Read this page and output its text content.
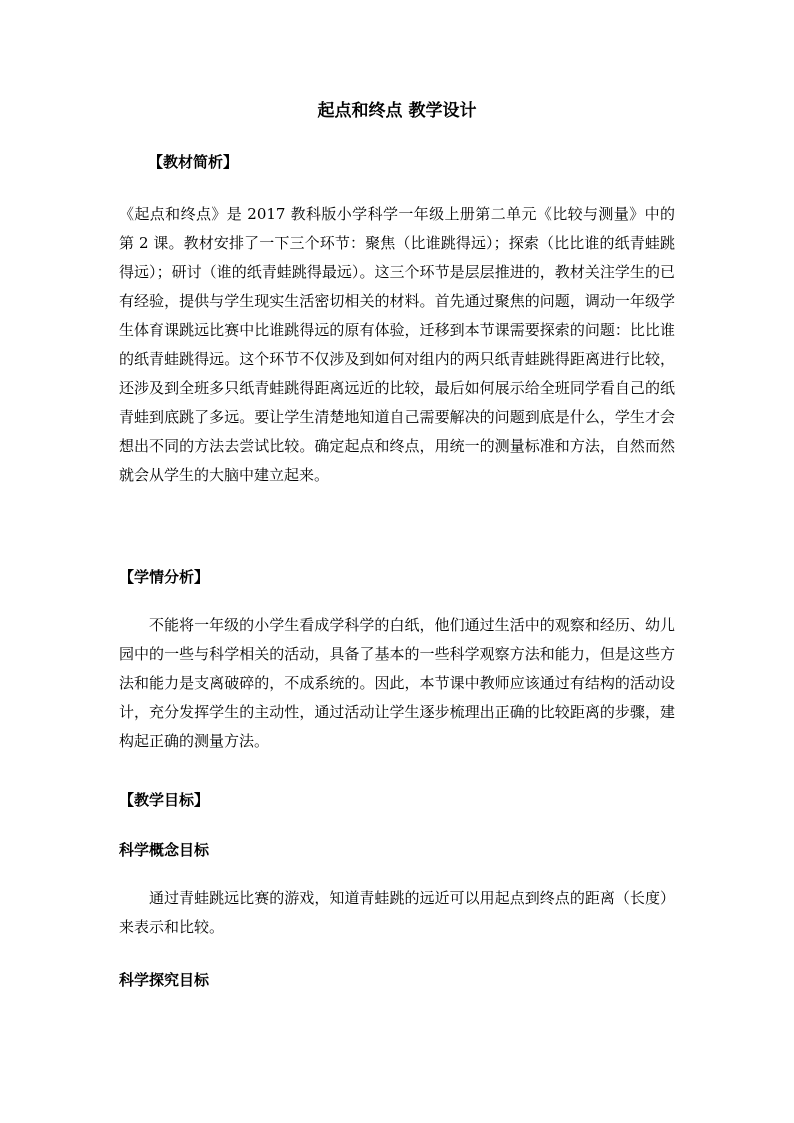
起点和终点 教学设计
【教材简析】
《起点和终点》是 2017 教科版小学科学一年级上册第二单元《比较与测量》中的第 2 课。教材安排了一下三个环节：聚焦（比谁跳得远）；探索（比比谁的纸青蛙跳得远）；研讨（谁的纸青蛙跳得最远）。这三个环节是层层推进的，教材关注学生的已有经验，提供与学生现实生活密切相关的材料。首先通过聚焦的问题，调动一年级学生体育课跳远比赛中比谁跳得远的原有体验，迁移到本节课需要探索的问题：比比谁的纸青蛙跳得远。这个环节不仅涉及到如何对组内的两只纸青蛙跳得距离进行比较，还涉及到全班多只纸青蛙跳得距离远近的比较，最后如何展示给全班同学看自己的纸青蛙到底跳了多远。要让学生清楚地知道自己需要解决的问题到底是什么，学生才会想出不同的方法去尝试比较。确定起点和终点，用统一的测量标准和方法，自然而然就会从学生的大脑中建立起来。
【学情分析】
不能将一年级的小学生看成学科学的白纸，他们通过生活中的观察和经历、幼儿园中的一些与科学相关的活动，具备了基本的一些科学观察方法和能力，但是这些方法和能力是支离破碎的，不成系统的。因此，本节课中教师应该通过有结构的活动设计，充分发挥学生的主动性，通过活动让学生逐步梳理出正确的比较距离的步骤，建构起正确的测量方法。
【教学目标】
科学概念目标
通过青蛙跳远比赛的游戏，知道青蛙跳的远近可以用起点到终点的距离（长度）来表示和比较。
科学探究目标
